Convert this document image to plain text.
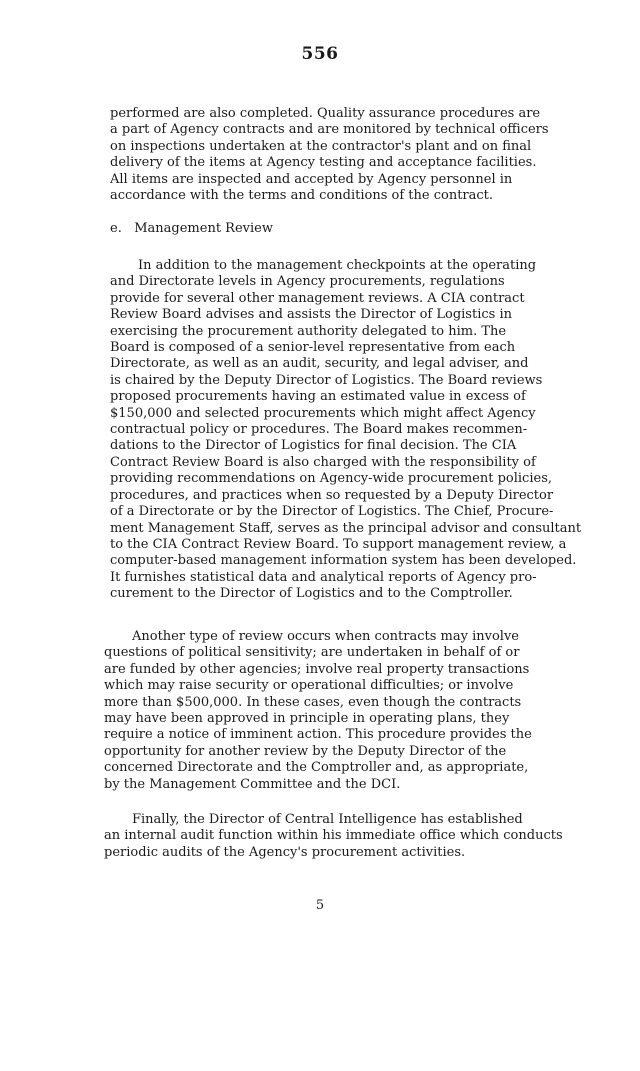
556

performed are also completed. Quality assurance procedures are

a part of Agency contracts and are monitored by technical officers

on inspections undertaken at the contractor's plant and on final

delivery of the items at Agency testing and acceptance facilities.

All items are inspected and accepted by Agency personnel in

accordance with the terms and conditions of the contract.

e. Management Review

In addition to the management checkpoints at the operating

and Directorate levels in Agency procurements, regulations

provide for several other management reviews. A CIA contract

Review Board advises and assists the Director of Logistics in

exercising the procurement authority delegated to him. The

Board is composed of a senior-level representative from each

Directorate, as well as an audit, security, and legal adviser, and

is chaired by the Deputy Director of Logistics. The Board reviews

proposed procurements having an estimated value in excess of

$150,000 and selected procurements which might affect Agency

contractual policy or procedures. The Board makes recommen-

dations to the Director of Logistics for final decision. The CIA

Contract Review Board is also charged with the responsibility of

providing recommendations on Agency-wide procurement policies,

procedures, and practices when so requested by a Deputy Director

of a Directorate or by the Director of Logistics. The Chief, Procure-

ment Management Staff, serves as the principal advisor and consultant

to the CIA Contract Review Board. To support management review, a

computer-based management information system has been developed.

It furnishes statistical data and analytical reports of Agency pro-

curement to the Director of Logistics and to the Comptroller.

Another type of review occurs when contracts may involve

questions of political sensitivity; are undertaken in behalf of or

are funded by other agencies; involve real property transactions

which may raise security or operational difficulties; or involve

more than $500,000. In these cases, even though the contracts

may have been approved in principle in operating plans, they

require a notice of imminent action. This procedure provides the

opportunity for another review by the Deputy Director of the

concerned Directorate and the Comptroller and, as appropriate,

by the Management Committee and the DCI.

Finally, the Director of Central Intelligence has established

an internal audit function within his immediate office which conducts

periodic audits of the Agency's procurement activities.

5
